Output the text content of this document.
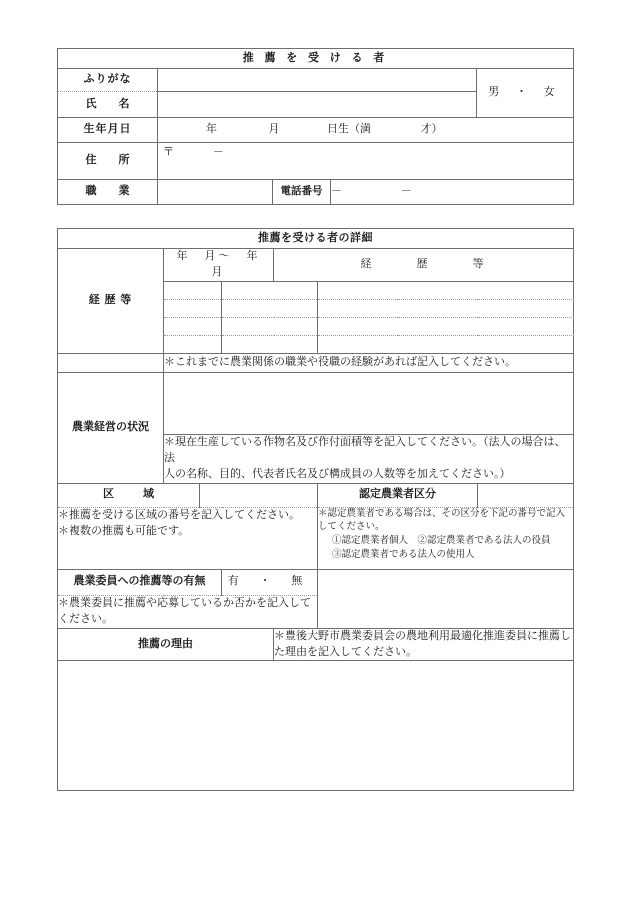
推 薦 を 受 け る 者				
ふりがな				男 ・ 女
氏　　名				
生年月日	年 月 日生（満 才）			
住　　所	〒 －			

職　　業		電話番号	－ －	
推薦を受ける者の詳細						
経 歴 等	年　月～　年　月			経　　　歴　　　等		

	＊これまでに農業関係の職業や役職の経験があれば記入してください。					
農業経営の状況						
	＊現在生産している作物名及び作付面積等を記入してください。（法人の場合は、法
人の名称、目的、代表者氏名及び構成員の人数等を加えてください。）					
区　域					認定農業者区分	
＊推薦を受ける区域の番号を記入してください。
＊複数の推薦も可能です。					＊認定農業者である場合は、その区分を下記の番号で記入
してください。

①認定農業者個人　②認定農業者である法人の役員
③認定農業者である法人の使用人	

農業委員への推薦等の有無			有 ・ 無			
＊農業委員に推薦や応募しているか否かを記入してください。						
推薦の理由				＊豊後大野市農業委員会の農地利用最適化推進委員に推薦した理由を記入してください。		
